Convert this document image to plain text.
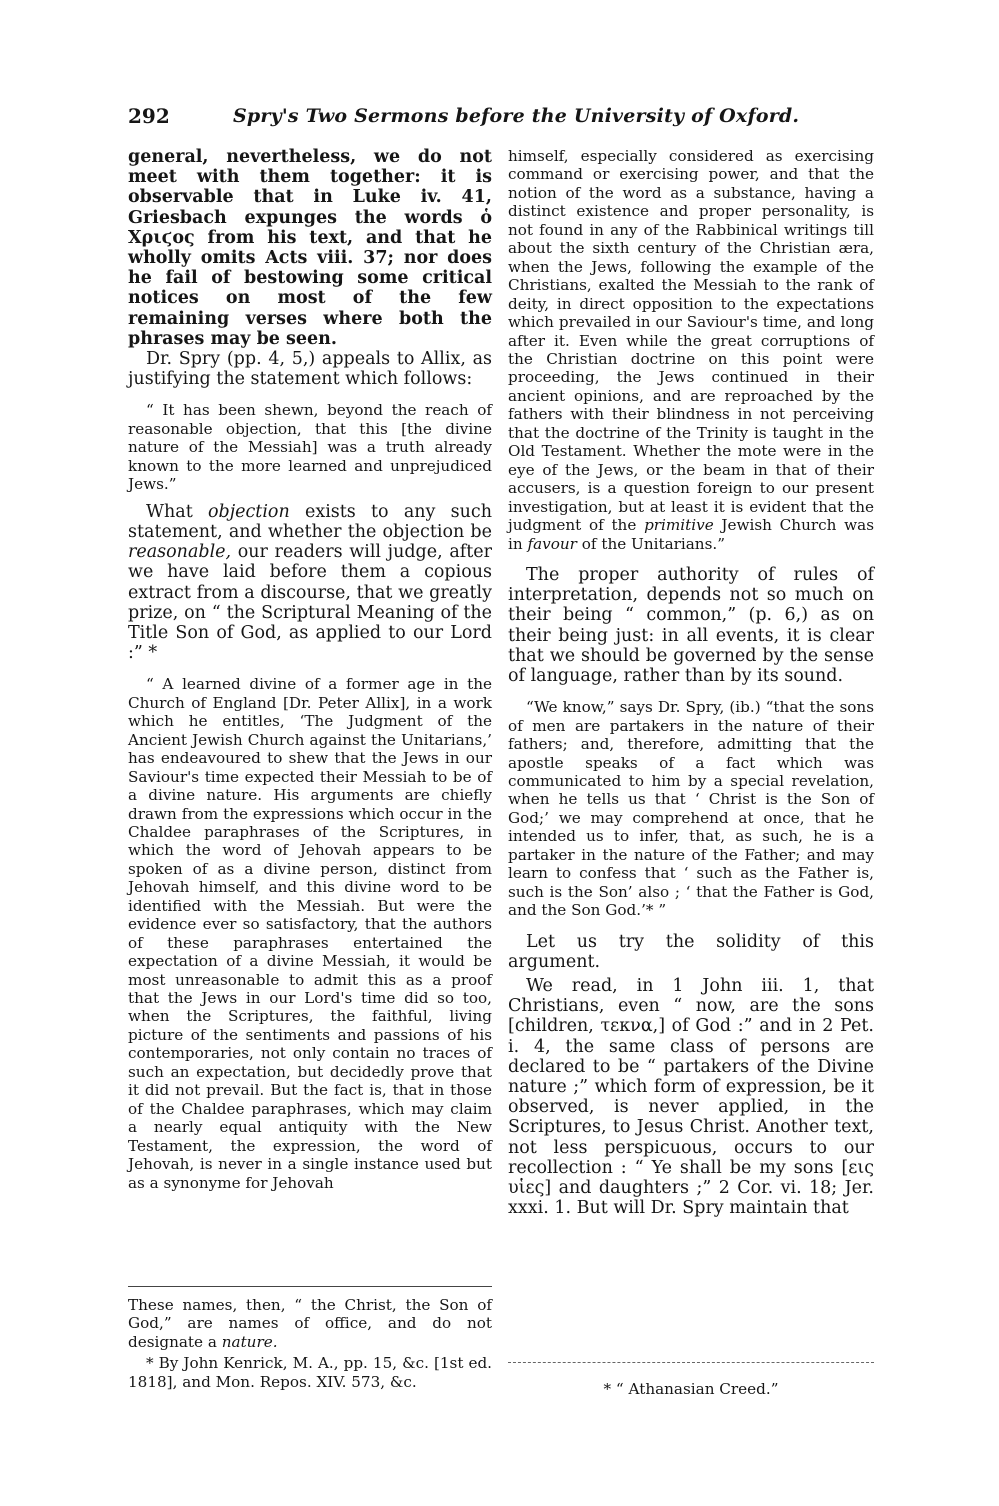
292	Spry's Two Sermons before the University of Oxford.

general, nevertheless, we do not meet with them together: it is observable that in Luke iv. 41, Griesbach expunges the words ὁ Χριϛος from his text, and that he wholly omits Acts viii. 37; nor does he fail of bestowing some critical notices on most of the few remaining verses where both the phrases may be seen.

Dr. Spry (pp. 4, 5,) appeals to Allix, as justifying the statement which follows:

“ It has been shewn, beyond the reach of reasonable objection, that this [the divine nature of the Messiah] was a truth already known to the more learned and unprejudiced Jews.”

What objection exists to any such statement, and whether the objection be reasonable, our readers will judge, after we have laid before them a copious extract from a discourse, that we greatly prize, on “ the Scriptural Meaning of the Title Son of God, as applied to our Lord :” *

“ A learned divine of a former age in the Church of England [Dr. Peter Allix], in a work which he entitles, ‘The Judgment of the Ancient Jewish Church against the Unitarians,’ has endeavoured to shew that the Jews in our Saviour's time expected their Messiah to be of a divine nature. His arguments are chiefly drawn from the expressions which occur in the Chaldee paraphrases of the Scriptures, in which the word of Jehovah appears to be spoken of as a divine person, distinct from Jehovah himself, and this divine word to be identified with the Messiah. But were the evidence ever so satisfactory, that the authors of these paraphrases entertained the expectation of a divine Messiah, it would be most unreasonable to admit this as a proof that the Jews in our Lord's time did so too, when the Scriptures, the faithful, living picture of the sentiments and passions of his contemporaries, not only contain no traces of such an expectation, but decidedly prove that it did not prevail. But the fact is, that in those of the Chaldee paraphrases, which may claim a nearly equal antiquity with the New Testament, the expression, the word of Jehovah, is never in a single instance used but as a synonyme for Jehovah

himself, especially considered as exercising command or exercising power, and that the notion of the word as a substance, having a distinct existence and proper personality, is not found in any of the Rabbinical writings till about the sixth century of the Christian æra, when the Jews, following the example of the Christians, exalted the Messiah to the rank of deity, in direct opposition to the expectations which prevailed in our Saviour's time, and long after it. Even while the great corruptions of the Christian doctrine on this point were proceeding, the Jews continued in their ancient opinions, and are reproached by the fathers with their blindness in not perceiving that the doctrine of the Trinity is taught in the Old Testament. Whether the mote were in the eye of the Jews, or the beam in that of their accusers, is a question foreign to our present investigation, but at least it is evident that the judgment of the primitive Jewish Church was in favour of the Unitarians.”

The proper authority of rules of interpretation, depends not so much on their being “ common,” (p. 6,) as on their being just: in all events, it is clear that we should be governed by the sense of language, rather than by its sound.

“We know,” says Dr. Spry, (ib.) “that the sons of men are partakers in the nature of their fathers; and, therefore, admitting that the apostle speaks of a fact which was communicated to him by a special revelation, when he tells us that ‘ Christ is the Son of God;’ we may comprehend at once, that he intended us to infer, that, as such, he is a partaker in the nature of the Father; and may learn to confess that ‘ such as the Father is, such is the Son’ also ; ‘ that the Father is God, and the Son God.’* ”

Let us try the solidity of this argument.

We read, in 1 John iii. 1, that Christians, even “ now, are the sons [children, τεκνα,] of God :” and in 2 Pet. i. 4, the same class of persons are declared to be “ partakers of the Divine nature ;” which form of expression, be it observed, is never applied, in the Scriptures, to Jesus Christ. Another text, not less perspicuous, occurs to our recollection : “ Ye shall be my sons [εις υἱες] and daughters ;” 2 Cor. vi. 18; Jer. xxxi. 1. But will Dr. Spry maintain that

These names, then, “ the Christ, the Son of God,” are names of office, and do not designate a nature.

* By John Kenrick, M. A., pp. 15, &c. [1st ed. 1818], and Mon. Repos. XIV. 573, &c.	* “ Athanasian Creed.”
